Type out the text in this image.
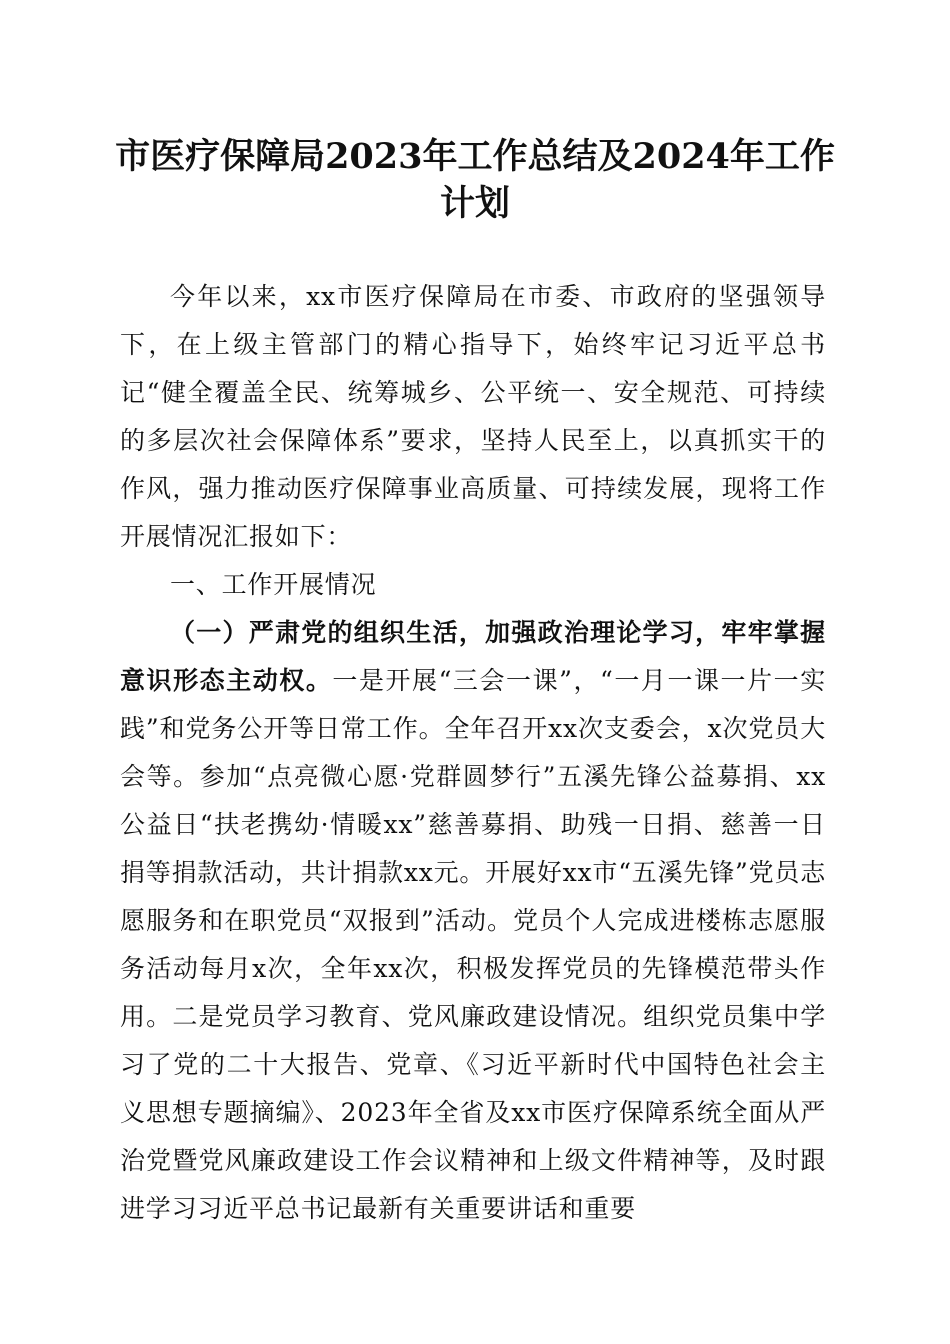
市医疗保障局2023年工作总结及2024年工作
计划

今年以来，xx市医疗保障局在市委、市政府的坚强领导下，在上级主管部门的精心指导下，始终牢记习近平总书记“健全覆盖全民、统筹城乡、公平统一、安全规范、可持续的多层次社会保障体系”要求，坚持人民至上，以真抓实干的作风，强力推动医疗保障事业高质量、可持续发展，现将工作开展情况汇报如下：

一、工作开展情况

（一）严肃党的组织生活，加强政治理论学习，牢牢掌握意识形态主动权。一是开展“三会一课”，“一月一课一片一实践”和党务公开等日常工作。全年召开xx次支委会，x次党员大会等。参加“点亮微心愿·党群圆梦行”五溪先锋公益募捐、xx公益日“扶老携幼·情暖xx”慈善募捐、助残一日捐、慈善一日捐等捐款活动，共计捐款xx元。开展好xx市“五溪先锋”党员志愿服务和在职党员“双报到”活动。党员个人完成进楼栋志愿服务活动每月x次，全年xx次，积极发挥党员的先锋模范带头作用。二是党员学习教育、党风廉政建设情况。组织党员集中学习了党的二十大报告、党章、《习近平新时代中国特色社会主义思想专题摘编》、2023年全省及xx市医疗保障系统全面从严治党暨党风廉政建设工作会议精神和上级文件精神等，及时跟进学习习近平总书记最新有关重要讲话和重要
